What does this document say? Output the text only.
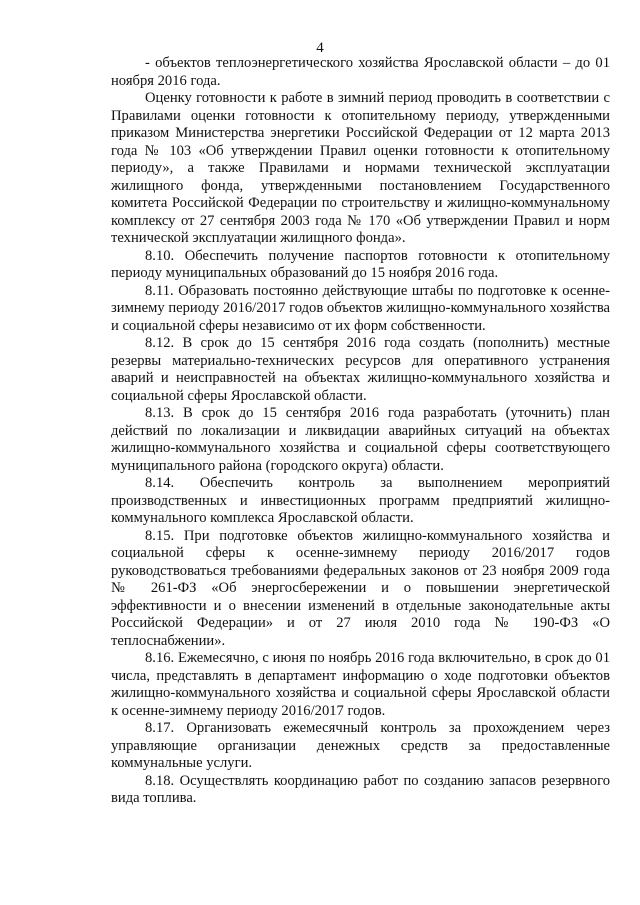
4

- объектов теплоэнергетического хозяйства Ярославской области – до 01 ноября 2016 года.

Оценку готовности к работе в зимний период проводить в соответствии с Правилами оценки готовности к отопительному периоду, утвержденными приказом Министерства энергетики Российской Федерации от 12 марта 2013 года № 103 «Об утверждении Правил оценки готовности к отопительному периоду», а также Правилами и нормами технической эксплуатации жилищного фонда, утвержденными постановлением Государственного комитета Российской Федерации по строительству и жилищно-коммунальному комплексу от 27 сентября 2003 года № 170 «Об утверждении Правил и норм технической эксплуатации жилищного фонда».

8.10. Обеспечить получение паспортов готовности к отопительному периоду муниципальных образований до 15 ноября 2016 года.

8.11. Образовать постоянно действующие штабы по подготовке к осенне-зимнему периоду 2016/2017 годов объектов жилищно-коммунального хозяйства и социальной сферы независимо от их форм собственности.

8.12. В срок до 15 сентября 2016 года создать (пополнить) местные резервы материально-технических ресурсов для оперативного устранения аварий и неисправностей на объектах жилищно-коммунального хозяйства и социальной сферы Ярославской области.

8.13. В срок до 15 сентября 2016 года разработать (уточнить) план действий по локализации и ликвидации аварийных ситуаций на объектах жилищно-коммунального хозяйства и социальной сферы соответствующего муниципального района (городского округа) области.

8.14. Обеспечить контроль за выполнением мероприятий производственных и инвестиционных программ предприятий жилищно-коммунального комплекса Ярославской области.

8.15. При подготовке объектов жилищно-коммунального хозяйства и социальной сферы к осенне-зимнему периоду 2016/2017 годов руководствоваться требованиями федеральных законов от 23 ноября 2009 года № 261-ФЗ «Об энергосбережении и о повышении энергетической эффективности и о внесении изменений в отдельные законодательные акты Российской Федерации» и от 27 июля 2010 года № 190-ФЗ «О теплоснабжении».

8.16. Ежемесячно, с июня по ноябрь 2016 года включительно, в срок до 01 числа, представлять в департамент информацию о ходе подготовки объектов жилищно-коммунального хозяйства и социальной сферы Ярославской области к осенне-зимнему периоду 2016/2017 годов.

8.17. Организовать ежемесячный контроль за прохождением через управляющие организации денежных средств за предоставленные коммунальные услуги.

8.18. Осуществлять координацию работ по созданию запасов резервного вида топлива.
